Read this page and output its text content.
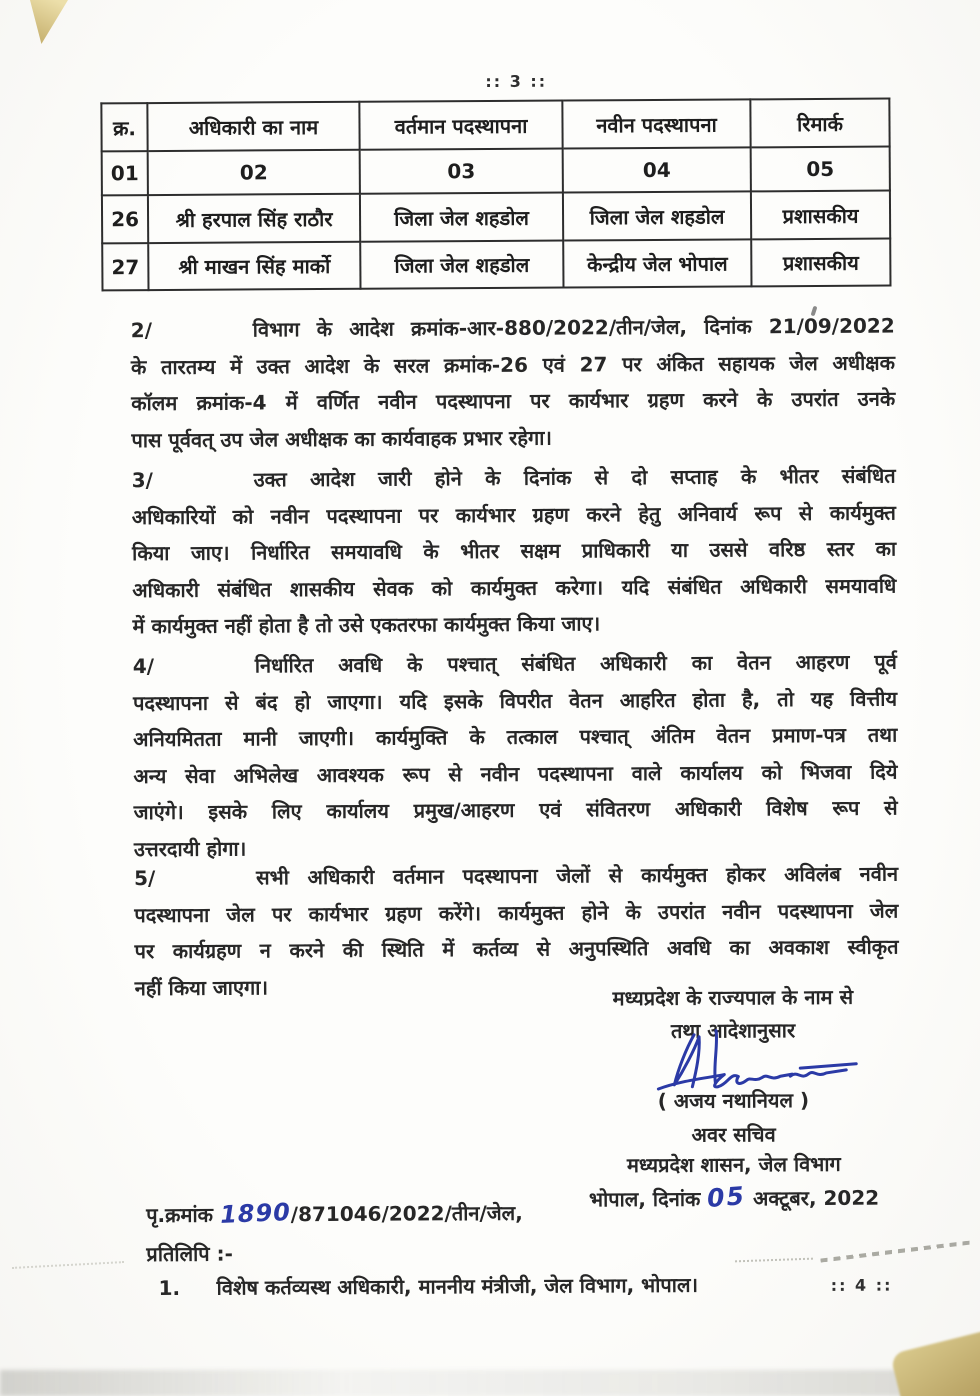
:: 3 ::
क्र.	अधिकारी का नाम	वर्तमान पदस्थापना	नवीन पदस्थापना	रिमार्क
01	02	03	04	05
26	श्री हरपाल सिंह राठौर	जिला जेल शहडोल	जिला जेल शहडोल	प्रशासकीय
27	श्री माखन सिंह मार्को	जिला जेल शहडोल	केन्द्रीय जेल भोपाल	प्रशासकीय
2/	विभाग के आदेश क्रमांक-आर-880/2022/तीन/जेल, दिनांक 21/09/2022
के तारतम्य में उक्त आदेश के सरल क्रमांक-26 एवं 27 पर अंकित सहायक जेल अधीक्षक
कॉलम क्रमांक-4 में वर्णित नवीन पदस्थापना पर कार्यभार ग्रहण करने के उपरांत उनके
पास पूर्ववत् उप जेल अधीक्षक का कार्यवाहक प्रभार रहेगा।
3/	उक्त आदेश जारी होने के दिनांक से दो सप्ताह के भीतर संबंधित
अधिकारियों को नवीन पदस्थापना पर कार्यभार ग्रहण करने हेतु अनिवार्य रूप से कार्यमुक्त
किया जाए। निर्धारित समयावधि के भीतर सक्षम प्राधिकारी या उससे वरिष्ठ स्तर का
अधिकारी संबंधित शासकीय सेवक को कार्यमुक्त करेगा। यदि संबंधित अधिकारी समयावधि
में कार्यमुक्त नहीं होता है तो उसे एकतरफा कार्यमुक्त किया जाए।
4/	निर्धारित अवधि के पश्चात् संबंधित अधिकारी का वेतन आहरण पूर्व
पदस्थापना से बंद हो जाएगा। यदि इसके विपरीत वेतन आहरित होता है, तो यह वित्तीय
अनियमितता मानी जाएगी। कार्यमुक्ति के तत्काल पश्चात् अंतिम वेतन प्रमाण-पत्र तथा
अन्य सेवा अभिलेख आवश्यक रूप से नवीन पदस्थापना वाले कार्यालय को भिजवा दिये
जाएंगे। इसके लिए कार्यालय प्रमुख/आहरण एवं संवितरण अधिकारी विशेष रूप से
उत्तरदायी होगा।
5/	सभी अधिकारी वर्तमान पदस्थापना जेलों से कार्यमुक्त होकर अविलंब नवीन
पदस्थापना जेल पर कार्यभार ग्रहण करेंगे। कार्यमुक्त होने के उपरांत नवीन पदस्थापना जेल
पर कार्यग्रहण न करने की स्थिति में कर्तव्य से अनुपस्थिति अवधि का अवकाश स्वीकृत
नहीं किया जाएगा।	मध्यप्रदेश के राज्यपाल के नाम से
तथा आदेशानुसार
( अजय नथानियल )
अवर सचिव
मध्यप्रदेश शासन, जेल विभाग
भोपाल, दिनांक 05 अक्टूबर, 2022
पृ.क्रमांक 1890/871046/2022/तीन/जेल,
प्रतिलिपि :-
1. विशेष कर्तव्यस्थ अधिकारी, माननीय मंत्रीजी, जेल विभाग, भोपाल।	:: 4 ::
